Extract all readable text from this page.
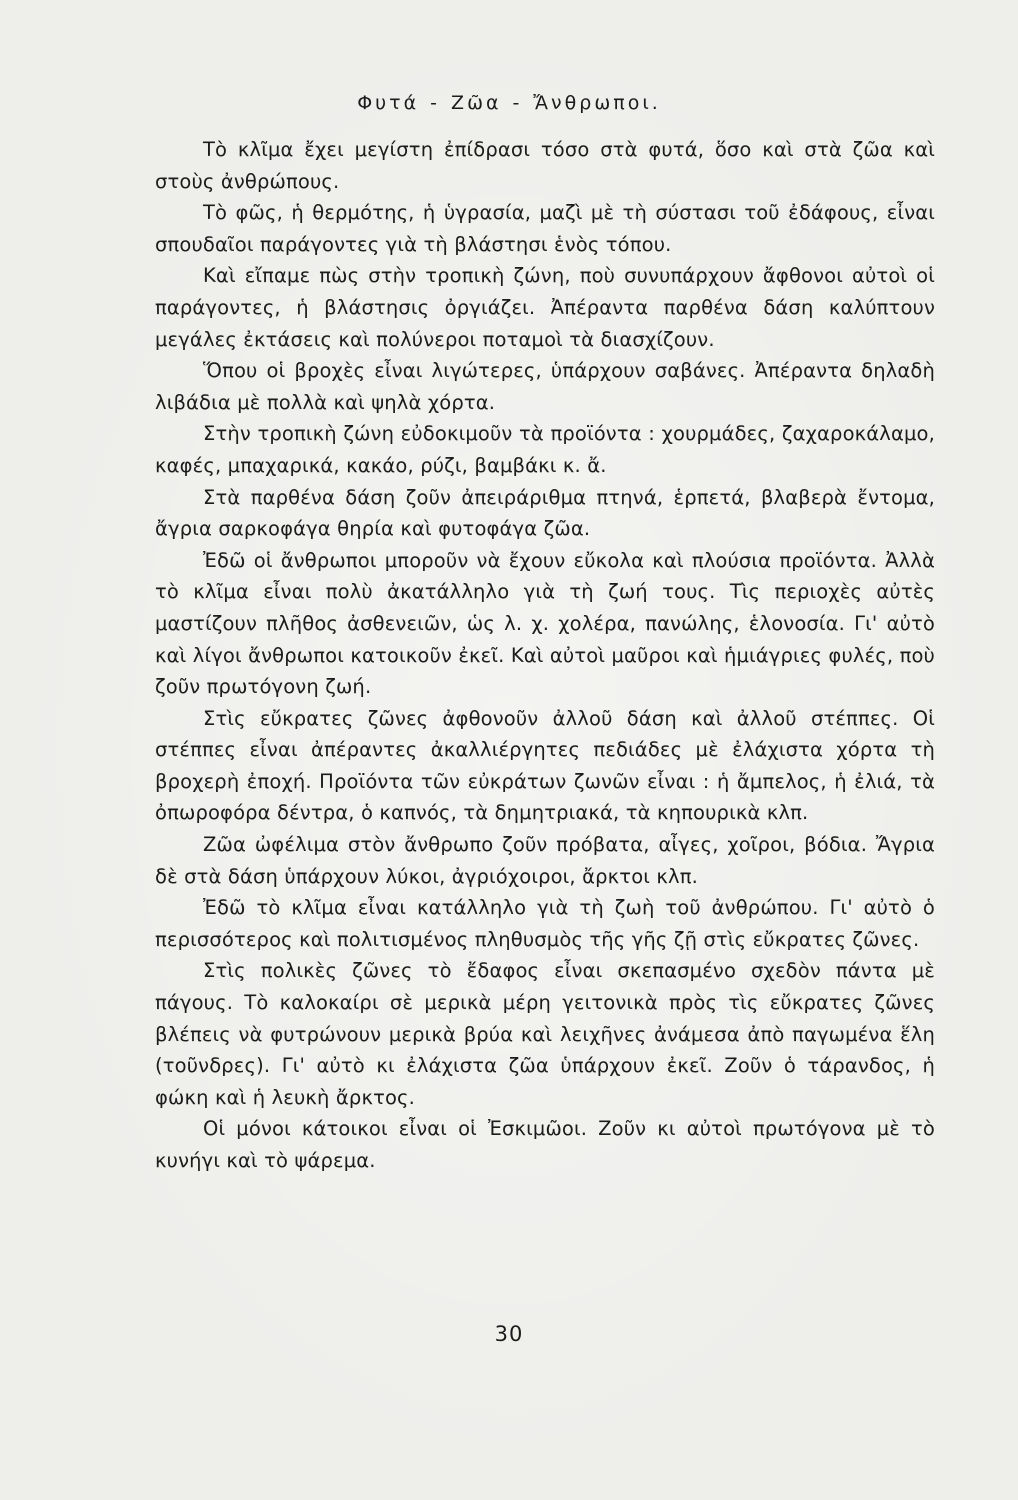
Φυτά - Ζῶα - Ἄνθρωποι.

Τὸ κλῖμα ἔχει μεγίστη ἐπίδρασι τόσο στὰ φυτά, ὅσο καὶ στὰ ζῶα καὶ στοὺς ἀνθρώπους.

Τὸ φῶς, ἡ θερμότης, ἡ ὑγρασία, μαζὶ μὲ τὴ σύστασι τοῦ ἐδάφους, εἶναι σπουδαῖοι παράγοντες γιὰ τὴ βλάστησι ἑνὸς τόπου.

Καὶ εἴπαμε πὼς στὴν τροπικὴ ζώνη, ποὺ συνυπάρχουν ἄφθονοι αὐτοὶ οἱ παράγοντες, ἡ βλάστησις ὀργιάζει. Ἀπέραντα παρθένα δάση καλύπτουν μεγάλες ἐκτάσεις καὶ πολύνεροι ποταμοὶ τὰ διασχίζουν.

Ὅπου οἱ βροχὲς εἶναι λιγώτερες, ὑπάρχουν σαβάνες. Ἀπέραντα δηλαδὴ λιβάδια μὲ πολλὰ καὶ ψηλὰ χόρτα.

Στὴν τροπικὴ ζώνη εὐδοκιμοῦν τὰ προϊόντα : χουρμάδες, ζαχαροκάλαμο, καφές, μπαχαρικά, κακάο, ρύζι, βαμβάκι κ. ἄ.

Στὰ παρθένα δάση ζοῦν ἀπειράριθμα πτηνά, ἑρπετά, βλαβερὰ ἔντομα, ἄγρια σαρκοφάγα θηρία καὶ φυτοφάγα ζῶα.

Ἐδῶ οἱ ἄνθρωποι μποροῦν νὰ ἔχουν εὔκολα καὶ πλούσια προϊόντα. Ἀλλὰ τὸ κλῖμα εἶναι πολὺ ἀκατάλληλο γιὰ τὴ ζωή τους. Τὶς περιοχὲς αὐτὲς μαστίζουν πλῆθος ἀσθενειῶν, ὡς λ. χ. χολέρα, πανώλης, ἑλονοσία. Γι' αὐτὸ καὶ λίγοι ἄνθρωποι κατοικοῦν ἐκεῖ. Καὶ αὐτοὶ μαῦροι καὶ ἡμιάγριες φυλές, ποὺ ζοῦν πρωτόγονη ζωή.

Στὶς εὔκρατες ζῶνες ἀφθονοῦν ἀλλοῦ δάση καὶ ἀλλοῦ στέππες. Οἱ στέππες εἶναι ἀπέραντες ἀκαλλιέργητες πεδιάδες μὲ ἐλάχιστα χόρτα τὴ βροχερὴ ἐποχή. Προϊόντα τῶν εὐκράτων ζωνῶν εἶναι : ἡ ἄμπελος, ἡ ἐλιά, τὰ ὀπωροφόρα δέντρα, ὁ καπνός, τὰ δημητριακά, τὰ κηπουρικὰ κλπ.

Ζῶα ὠφέλιμα στὸν ἄνθρωπο ζοῦν πρόβατα, αἶγες, χοῖροι, βόδια. Ἄγρια δὲ στὰ δάση ὑπάρχουν λύκοι, ἀγριόχοιροι, ἄρκτοι κλπ.

Ἐδῶ τὸ κλῖμα εἶναι κατάλληλο γιὰ τὴ ζωὴ τοῦ ἀνθρώπου. Γι' αὐτὸ ὁ περισσότερος καὶ πολιτισμένος πληθυσμὸς τῆς γῆς ζῇ στὶς εὔκρατες ζῶνες.

Στὶς πολικὲς ζῶνες τὸ ἔδαφος εἶναι σκεπασμένο σχεδὸν πάντα μὲ πάγους. Τὸ καλοκαίρι σὲ μερικὰ μέρη γειτονικὰ πρὸς τὶς εὔκρατες ζῶνες βλέπεις νὰ φυτρώνουν μερικὰ βρύα καὶ λειχῆνες ἀνάμεσα ἀπὸ παγωμένα ἕλη (τοῦνδρες). Γι' αὐτὸ κι ἐλάχιστα ζῶα ὑπάρχουν ἐκεῖ. Ζοῦν ὁ τάρανδος, ἡ φώκη καὶ ἡ λευκὴ ἄρκτος.

Οἱ μόνοι κάτοικοι εἶναι οἱ Ἐσκιμῶοι. Ζοῦν κι αὐτοὶ πρωτόγονα μὲ τὸ κυνήγι καὶ τὸ ψάρεμα.

30
